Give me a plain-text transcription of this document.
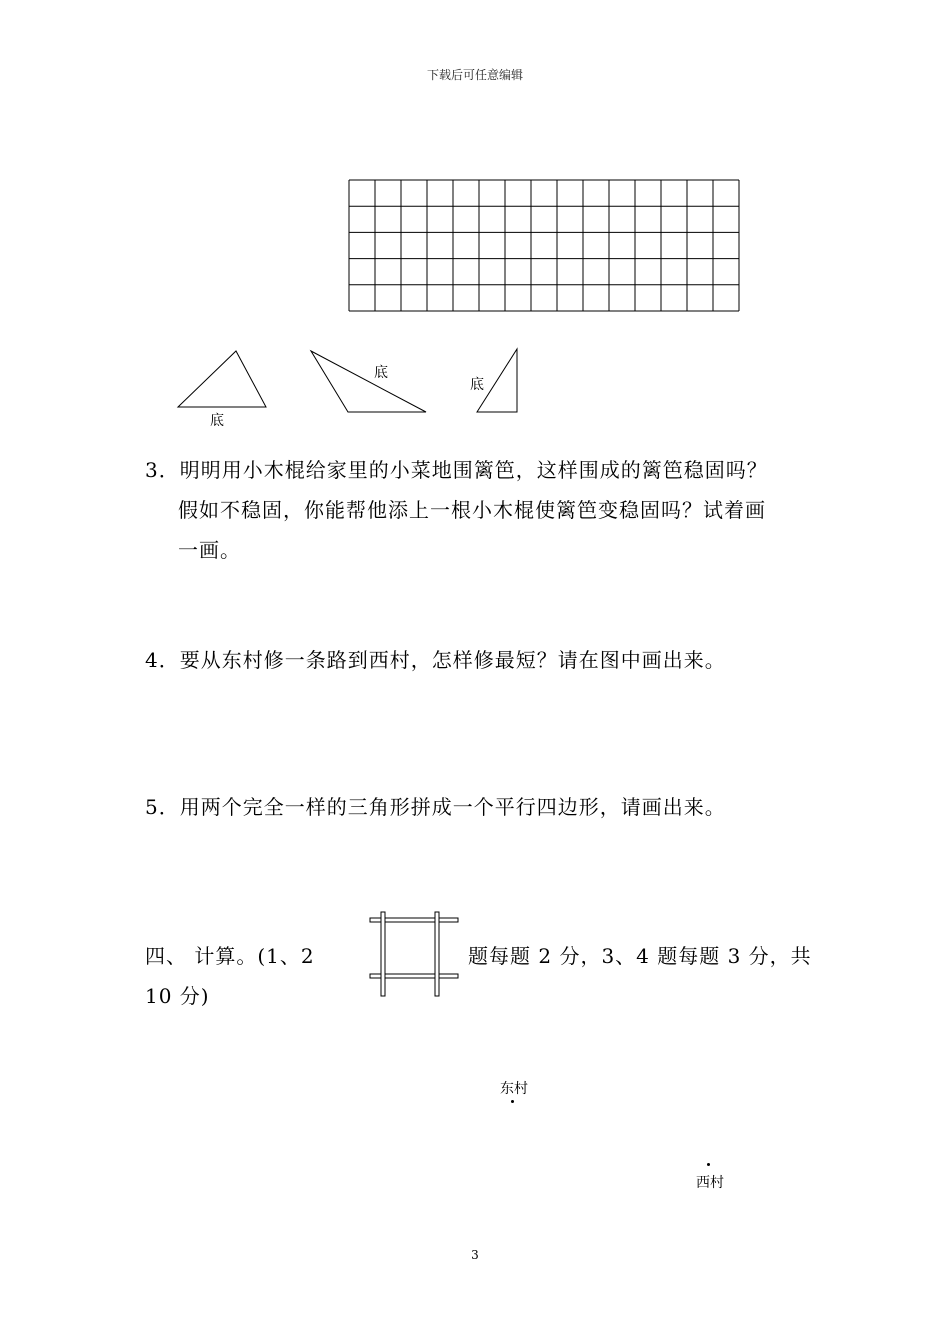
下载后可任意编辑
底
底
底
3．明明用小木棍给家里的小菜地围篱笆，这样围成的篱笆稳固吗？
假如不稳固，你能帮他添上一根小木棍使篱笆变稳固吗？试着画
一画。
4．要从东村修一条路到西村，怎样修最短？请在图中画出来。
5．用两个完全一样的三角形拼成一个平行四边形，请画出来。
四、 计算。(1、2	题每题 2 分，3、4 题每题 3 分，共
10 分)
东村
西村
3
